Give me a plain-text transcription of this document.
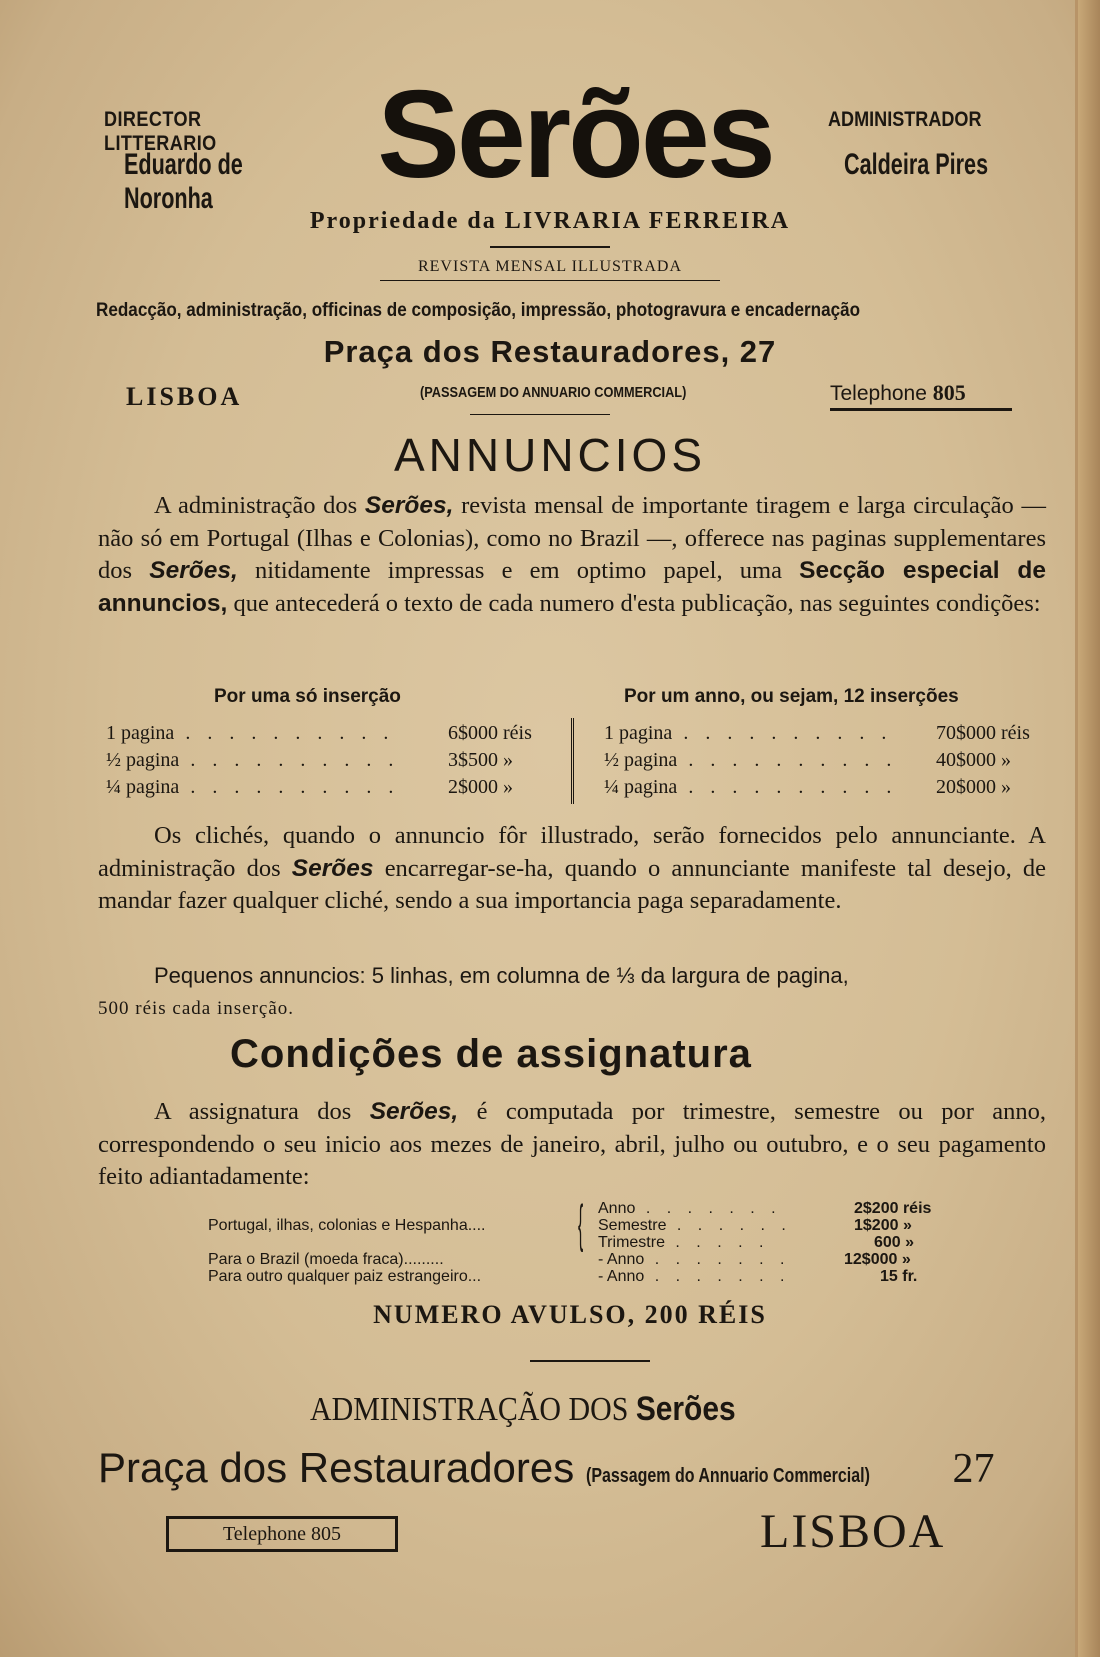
DIRECTOR LITTERARIO
Eduardo de Noronha	Serões	ADMINISTRADOR
Caldeira Pires
Propriedade da LIVRARIA FERREIRA
REVISTA MENSAL ILLUSTRADA
Redacção, administração, officinas de composição, impressão, photogravura e encadernação
Praça dos Restauradores, 27
LISBOA	(PASSAGEM DO ANNUARIO COMMERCIAL)	Telephone 805
ANNUNCIOS
A administração dos Serões, revista mensal de importante tiragem e larga circulação — não só em Portugal (Ilhas e Colonias), como no Brazil —, offerece nas paginas supplementares dos Serões, nitidamente impressas e em optimo papel, uma Secção especial de annuncios, que antecederá o texto de cada numero d'esta publicação, nas seguintes condições:
Por uma só inserção	Por um anno, ou sejam, 12 inserções
1 pagina . . . . . . . . . .	6$000 réis
½ pagina . . . . . . . . . . 3$500 »
¼ pagina . . . . . . . . . . 2$000 »
1 pagina . . . . . . . . . . 70$000 réis
½ pagina . . . . . . . . . . 40$000 »
¼ pagina . . . . . . . . . . 20$000 »
Os clichés, quando o annuncio fôr illustrado, serão fornecidos pelo annunciante. A administração dos Serões encarregar-se-ha, quando o annunciante manifeste tal desejo, de mandar fazer qualquer cliché, sendo a sua importancia paga separadamente.
Pequenos annuncios: 5 linhas, em columna de ⅓ da largura de pagina,
500 réis cada inserção.
Condições de assignatura
A assignatura dos Serões, é computada por trimestre, semestre ou por anno, correspondendo o seu inicio aos mezes de janeiro, abril, julho ou outubro, e o seu pagamento feito adiantadamente:
Portugal, ilhas, colonias e Hespanha.... { Anno . . . . . . .	2$200 réis
Semestre . . . . . .	1$200 »
Trimestre . . . . .	600 »
Para o Brazil (moeda fraca).........	- Anno . . . . . . .	12$000 »
Para outro qualquer paiz estrangeiro...	- Anno . . . . . . .	15 fr.
NUMERO AVULSO, 200 RÉIS
ADMINISTRAÇÃO DOS Serões
Praça dos Restauradores (Passagem do Annuario Commercial) 27
Telephone 805	LISBOA
